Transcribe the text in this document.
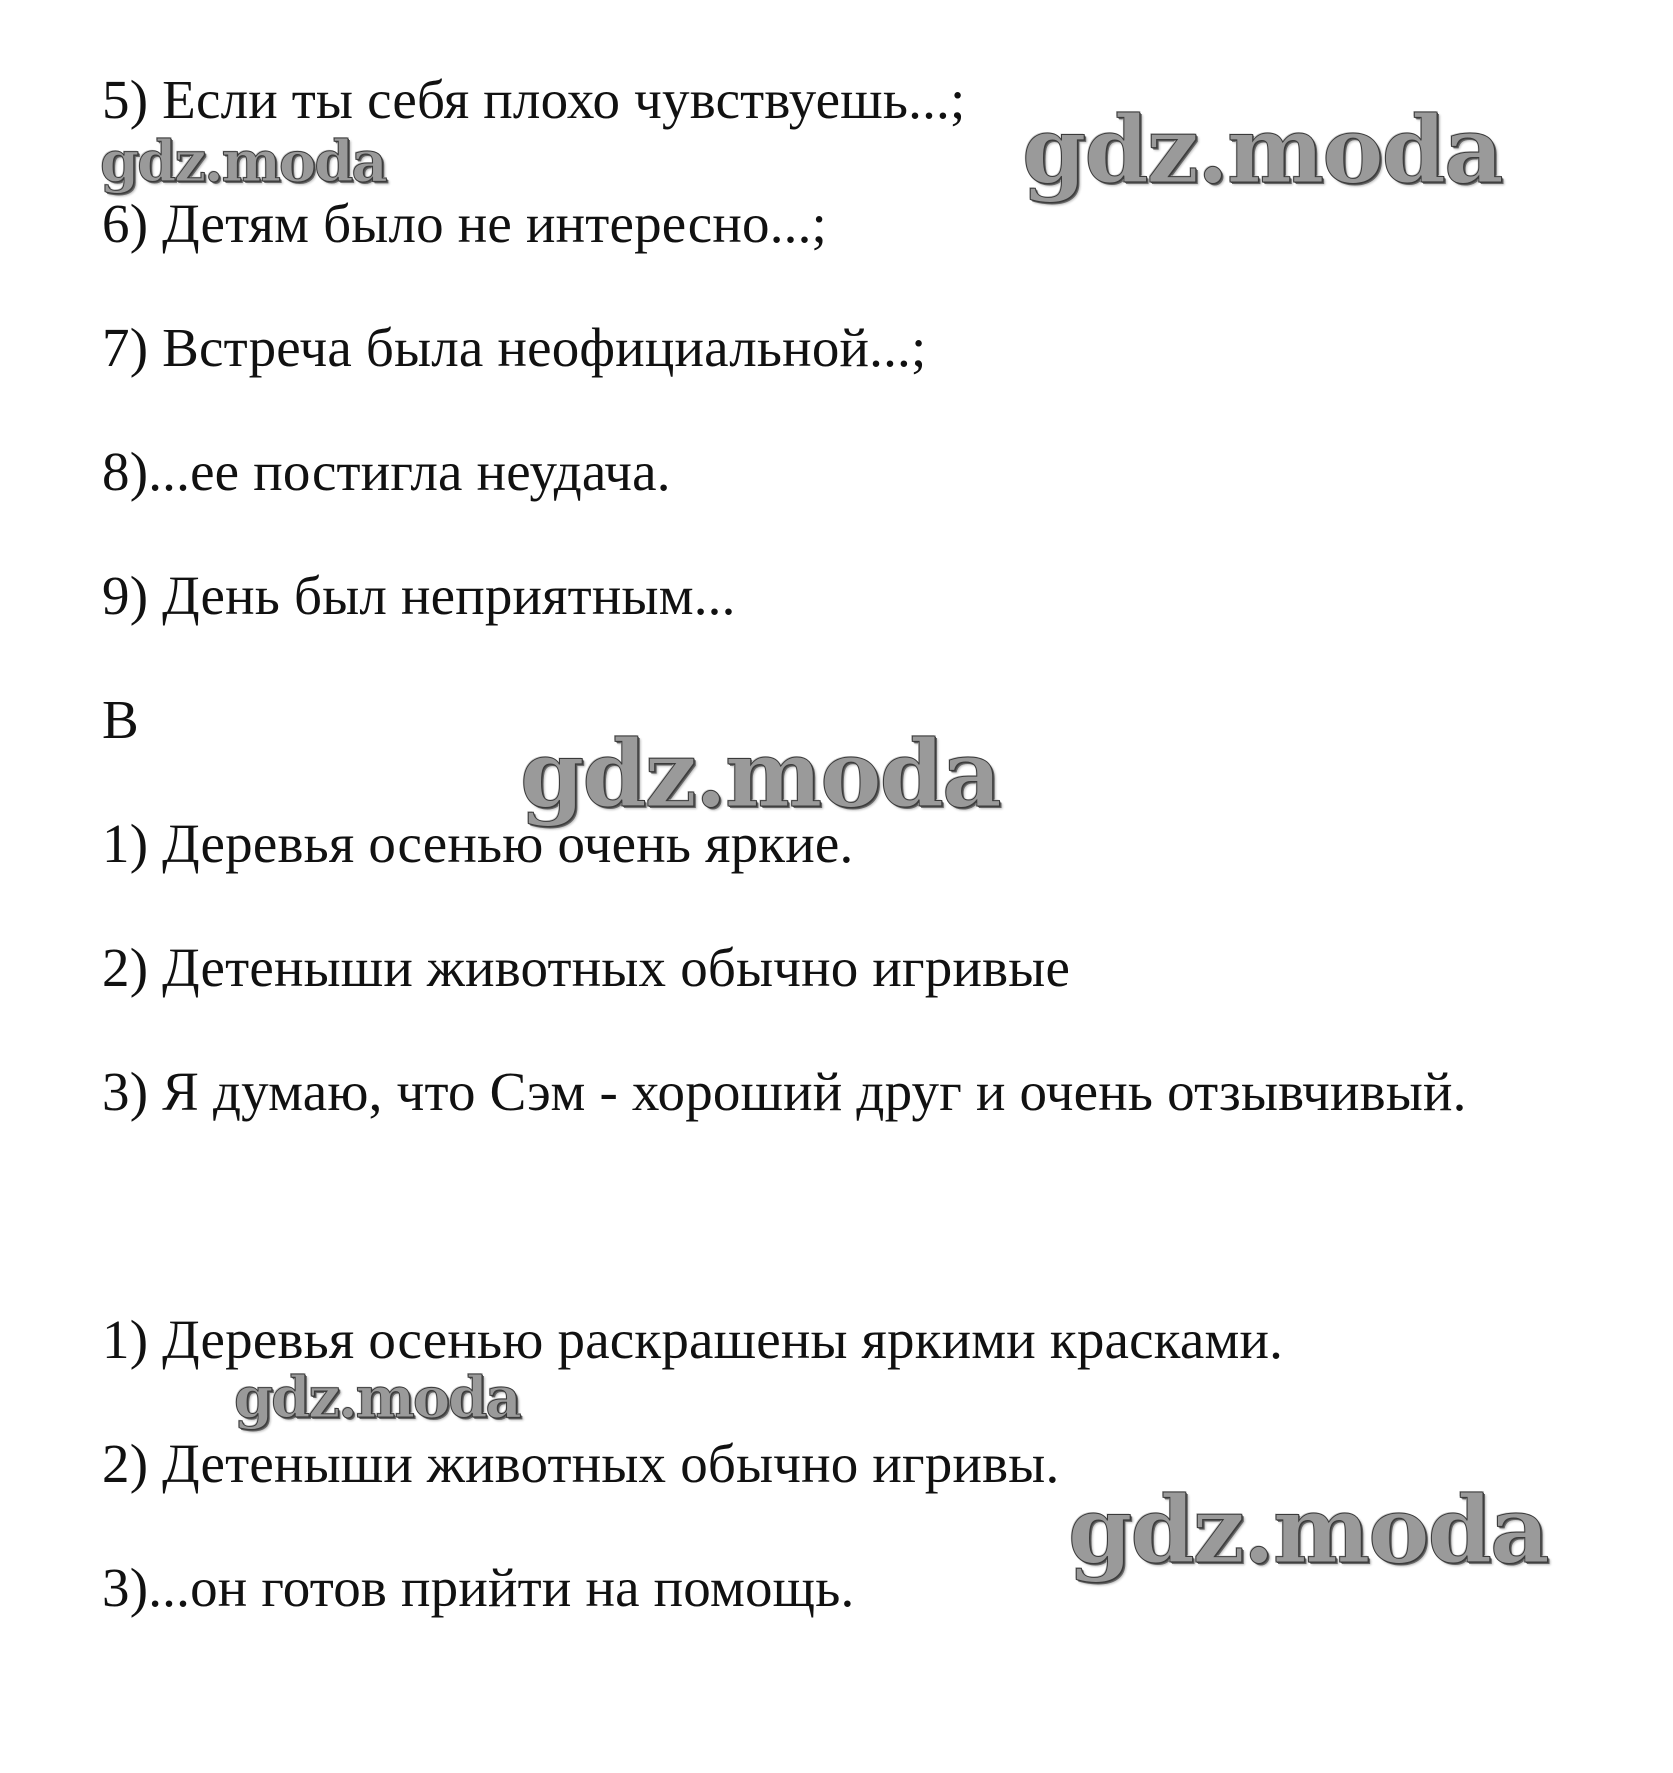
5) Если ты себя плохо чувствуешь...;
6) Детям было не интересно...;
7) Встреча была неофициальной...;
8)...ее постигла неудача.
9) День был неприятным...
В
1) Деревья осенью очень яркие.
2) Детеныши животных обычно игривые
3) Я думаю, что Сэм - хороший друг и очень отзывчивый.
1) Деревья осенью раскрашены яркими красками.
2) Детеныши животных обычно игривы.
3)...он готов прийти на помощь.
gdz.moda	gdz.moda
gdz.moda
gdz.moda
gdz.moda
